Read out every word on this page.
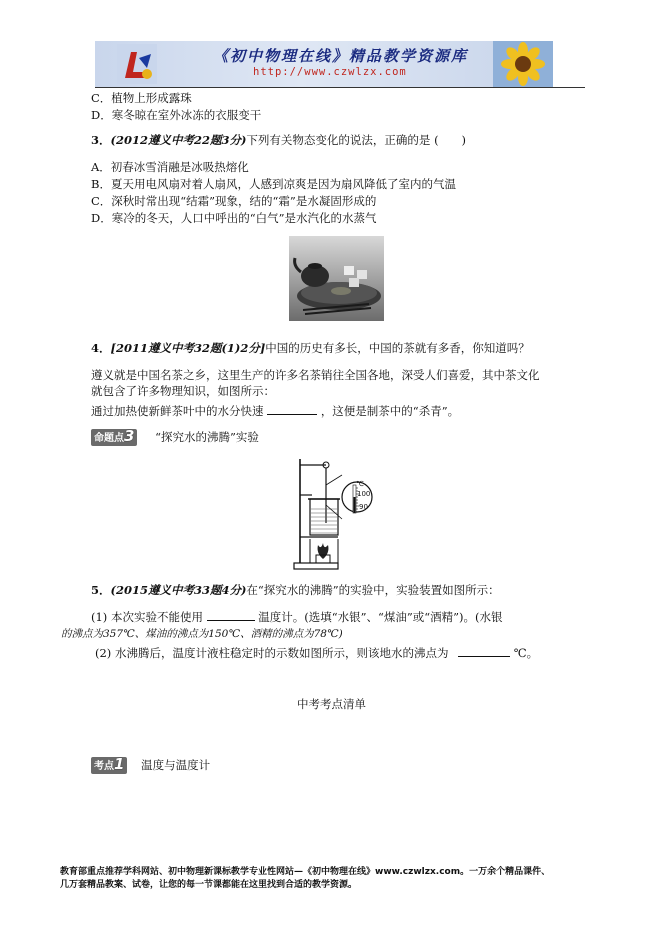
《初中物理在线》精品教学资源库
http://www.czwlzx.com
C．植物上形成露珠
D．寒冬晾在室外冰冻的衣服变干
3．(2012遵义中考22题3分)下列有关物态变化的说法，正确的是 (　　)
A．初春冰雪消融是冰吸热熔化
B．夏天用电风扇对着人扇风，人感到凉爽是因为扇风降低了室内的气温
C．深秋时常出现“结霜”现象，结的“霜”是水凝固形成的
D．寒冷的冬天，人口中呼出的“白气”是水汽化的水蒸气
4．[2011遵义中考32题(1)2分]中国的历史有多长，中国的茶就有多香，你知道吗？
遵义就是中国名茶之乡，这里生产的许多名茶销往全国各地，深受人们喜爱，其中茶文化
就包含了许多物理知识，如图所示：
通过加热使新鲜茶叶中的水分快速	，这便是制茶中的“杀青”。
命题点3 “探究水的沸腾”实验
℃
100
90
5．(2015遵义中考33题4分)在“探究水的沸腾”的实验中，实验装置如图所示：
(1) 本次实验不能使用	温度计。(选填“水银”、“煤油”或“酒精”)。(水银
的沸点为357℃、煤油的沸点为150℃、酒精的沸点为78℃)
(2) 水沸腾后，温度计液柱稳定时的示数如图所示，则该地水的沸点为	℃。
中考考点清单
考点1 温度与温度计
教育部重点推荐学科网站、初中物理新课标教学专业性网站—《初中物理在线》www.czwlzx.com。一万余个精品课件、
几万套精品教案、试卷，让您的每一节课都能在这里找到合适的教学资源。
